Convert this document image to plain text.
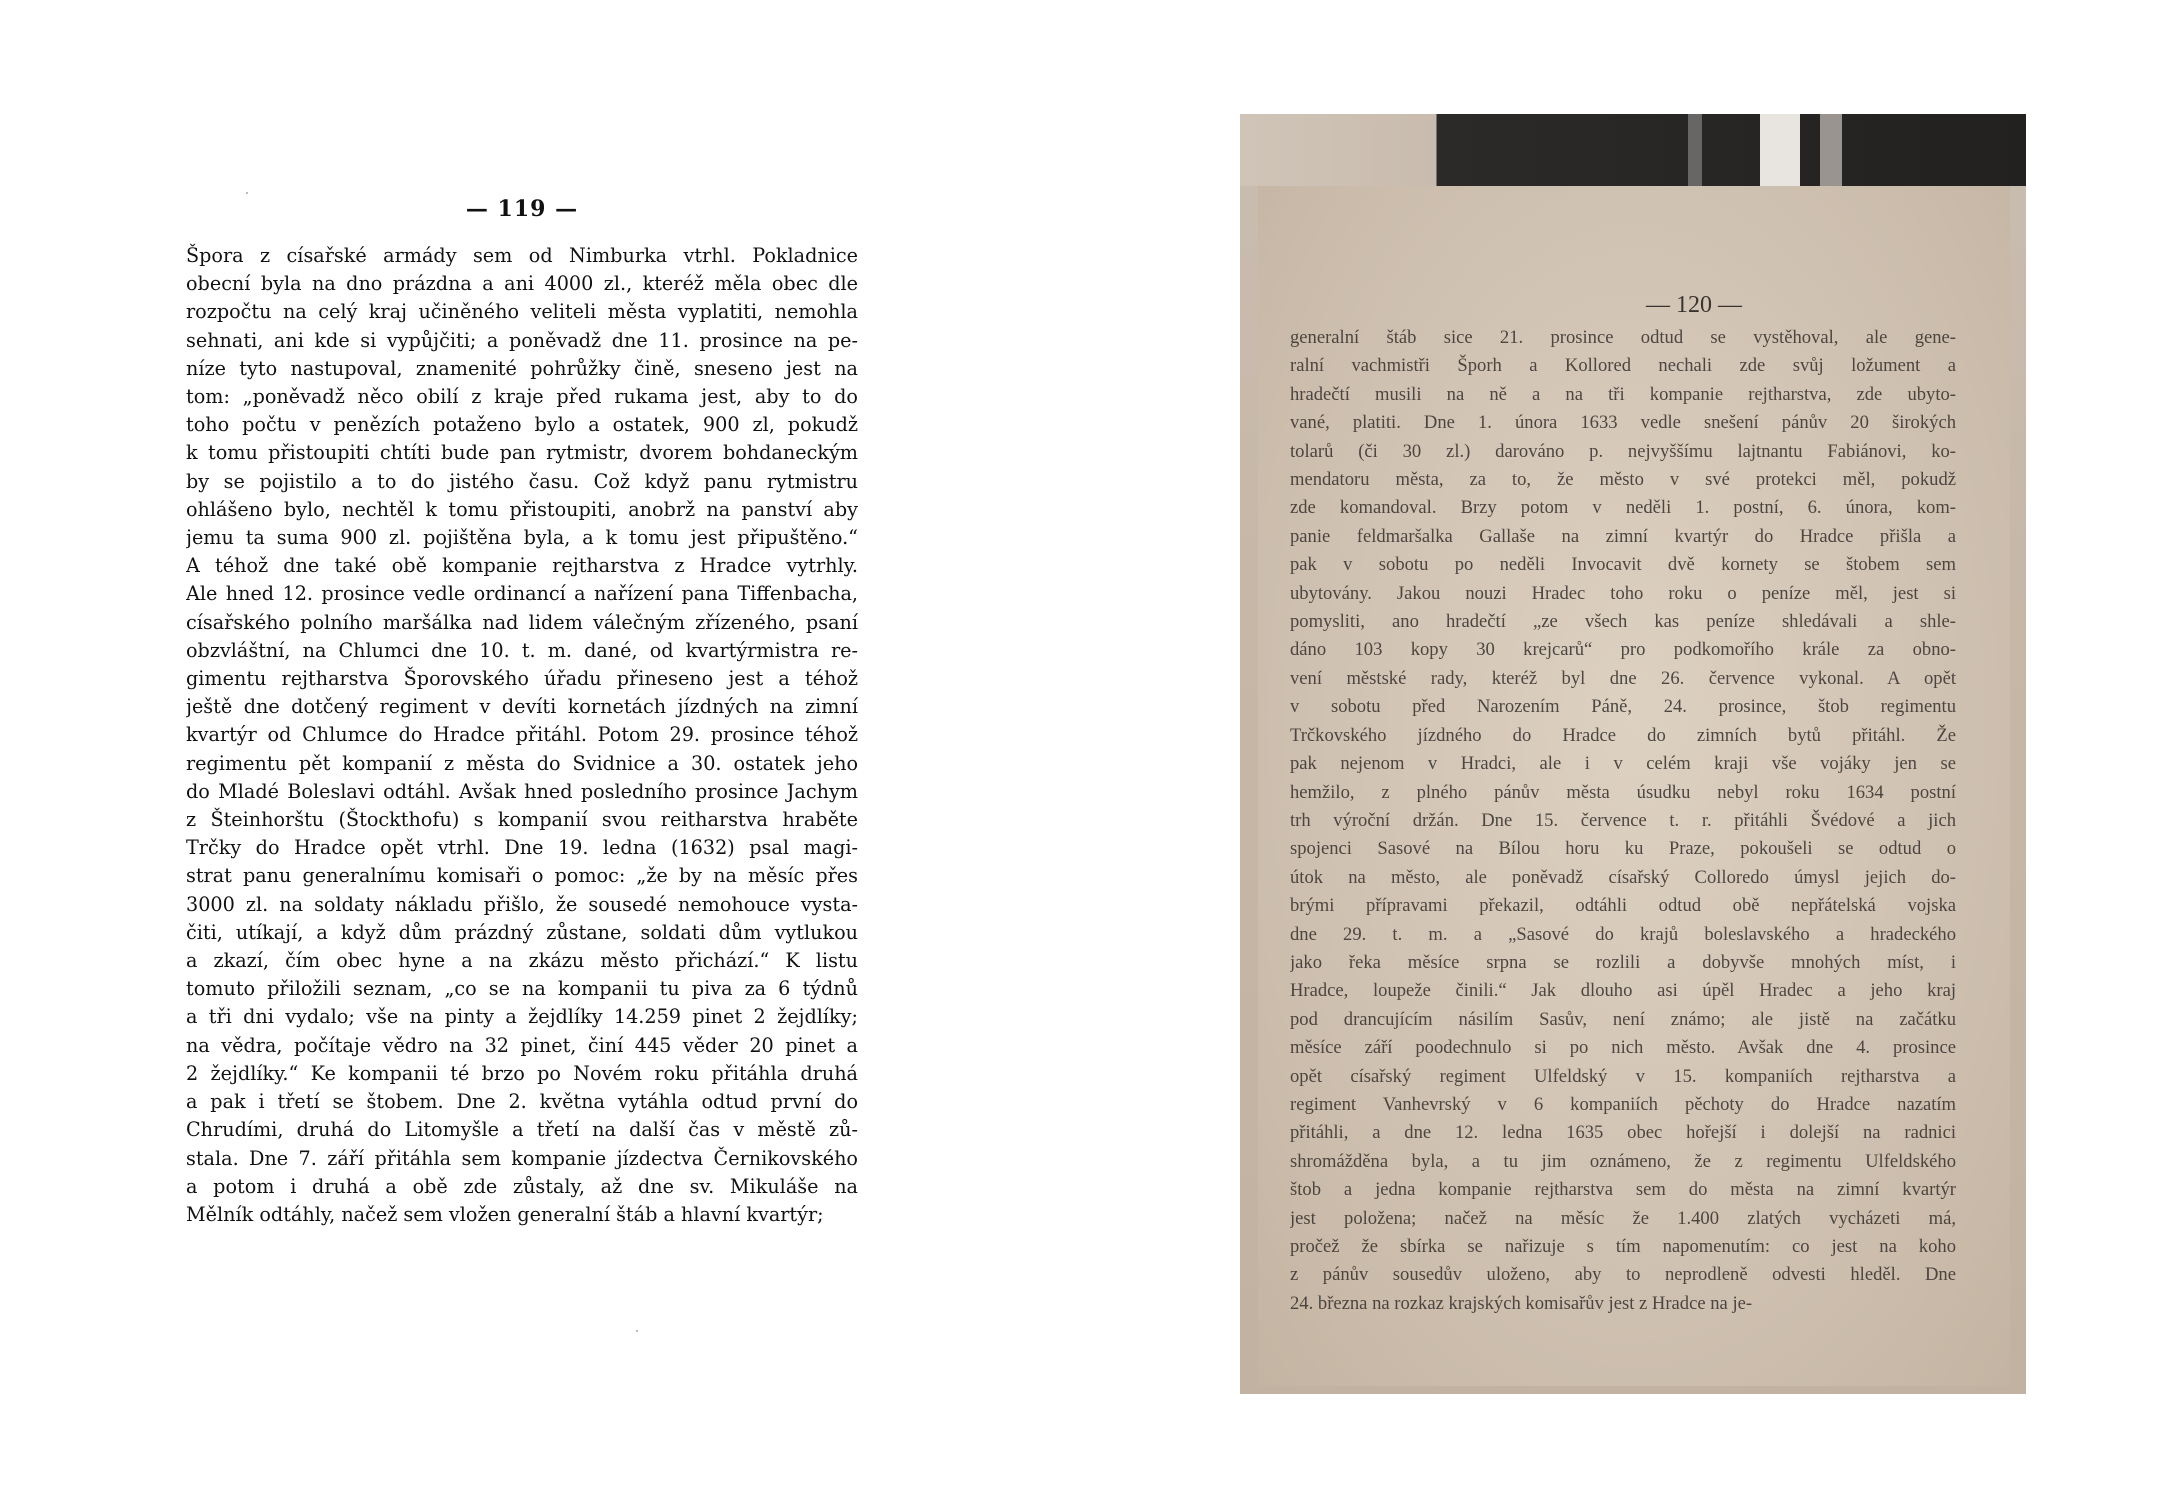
— 119 —
Špora z císařské armády sem od Nimburka vtrhl. Pokladnice
obecní byla na dno prázdna a ani 4000 zl., kteréž měla obec dle
rozpočtu na celý kraj učiněného veliteli města vyplatiti, nemohla
sehnati, ani kde si vypůjčiti; a poněvadž dne 11. prosince na pe-
níze tyto nastupoval, znamenité pohrůžky čině, sneseno jest na
tom: „poněvadž něco obilí z kraje před rukama jest, aby to do
toho počtu v penězích potaženo bylo a ostatek, 900 zl, pokudž
k tomu přistoupiti chtíti bude pan rytmistr, dvorem bohdaneckým
by se pojistilo a to do jistého času. Což když panu rytmistru
ohlášeno bylo, nechtěl k tomu přistoupiti, anobrž na panství aby
jemu ta suma 900 zl. pojištěna byla, a k tomu jest připuštěno.“
A téhož dne také obě kompanie rejtharstva z Hradce vytrhly.
Ale hned 12. prosince vedle ordinancí a nařízení pana Tiffenbacha,
císařského polního maršálka nad lidem válečným zřízeného, psaní
obzvláštní, na Chlumci dne 10. t. m. dané, od kvartýrmistra re-
gimentu rejtharstva Šporovského úřadu přineseno jest a téhož
ještě dne dotčený regiment v devíti kornetách jízdných na zimní
kvartýr od Chlumce do Hradce přitáhl. Potom 29. prosince téhož
regimentu pět kompanií z města do Svidnice a 30. ostatek jeho
do Mladé Boleslavi odtáhl. Avšak hned posledního prosince Jachym
z Šteinhorštu (Štockthofu) s kompanií svou reitharstva hraběte
Trčky do Hradce opět vtrhl. Dne 19. ledna (1632) psal magi-
strat panu generalnímu komisaři o pomoc: „že by na měsíc přes
3000 zl. na soldaty nákladu přišlo, že sousedé nemohouce vysta-
čiti, utíkají, a když dům prázdný zůstane, soldati dům vytlukou
a zkazí, čím obec hyne a na zkázu město přichází.“ K listu
tomuto přiložili seznam, „co se na kompanii tu piva za 6 týdnů
a tři dni vydalo; vše na pinty a žejdlíky 14.259 pinet 2 žejdlíky;
na vědra, počítaje vědro na 32 pinet, činí 445 věder 20 pinet a
2 žejdlíky.“ Ke kompanii té brzo po Novém roku přitáhla druhá
a pak i třetí se štobem. Dne 2. května vytáhla odtud první do
Chrudími, druhá do Litomyšle a třetí na další čas v městě zů-
stala. Dne 7. září přitáhla sem kompanie jízdectva Černikovského
a potom i druhá a obě zde zůstaly, až dne sv. Mikuláše na
Mělník odtáhly, načež sem vložen generalní štáb a hlavní kvartýr;
generalní štáb sice 21. prosince odtud se vystěhoval, ale gene-
ralní vachmistři Šporh a Kollored nechali zde svůj ložument a
hradečtí musili na ně a na tři kompanie rejtharstva, zde ubyto-
vané, platiti. Dne 1. února 1633 vedle snešení pánův 20 širokých
tolarů (či 30 zl.) darováno p. nejvyššímu lajtnantu Fabiánovi, ko-
mendatoru města, za to, že město v své protekci měl, pokudž
zde komandoval. Brzy potom v neděli 1. postní, 6. února, kom-
panie feldmaršalka Gallaše na zimní kvartýr do Hradce přišla a
pak v sobotu po neděli Invocavit dvě kornety se štobem sem
ubytovány. Jakou nouzi Hradec toho roku o peníze měl, jest si
pomysliti, ano hradečtí „ze všech kas peníze shledávali a shle-
dáno 103 kopy 30 krejcarů“ pro podkomořího krále za obno-
vení městské rady, kteréž byl dne 26. července vykonal. A opět
v sobotu před Narozením Páně, 24. prosince, štob regimentu
Trčkovského jízdného do Hradce do zimních bytů přitáhl. Že
pak nejenom v Hradci, ale i v celém kraji vše vojáky jen se
hemžilo, z plného pánův města úsudku nebyl roku 1634 postní
trh výroční držán. Dne 15. července t. r. přitáhli Švédové a jich
spojenci Sasové na Bílou horu ku Praze, pokoušeli se odtud o
útok na město, ale poněvadž císařský Colloredo úmysl jejich do-
brými přípravami překazil, odtáhli odtud obě nepřátelská vojska
dne 29. t. m. a „Sasové do krajů boleslavského a hradeckého
jako řeka měsíce srpna se rozlili a dobyvše mnohých míst, i
Hradce, loupeže činili.“ Jak dlouho asi úpěl Hradec a jeho kraj
pod drancujícím násilím Sasův, není známo; ale jistě na začátku
měsíce září poodechnulo si po nich město. Avšak dne 4. prosince
opět císařský regiment Ulfeldský v 15. kompaniích rejtharstva a
regiment Vanhevrský v 6 kompaniích pěchoty do Hradce nazatím
přitáhli, a dne 12. ledna 1635 obec hořejší i dolejší na radnici
shromážděna byla, a tu jim oznámeno, že z regimentu Ulfeldského
štob a jedna kompanie rejtharstva sem do města na zimní kvartýr
jest položena; načež na měsíc že 1.400 zlatých vycházeti má,
pročež že sbírka se nařizuje s tím napomenutím: co jest na koho
z pánův sousedův uloženo, aby to neprodleně odvesti hleděl. Dne
24. března na rozkaz krajských komisařův jest z Hradce na je-
— 120 —
